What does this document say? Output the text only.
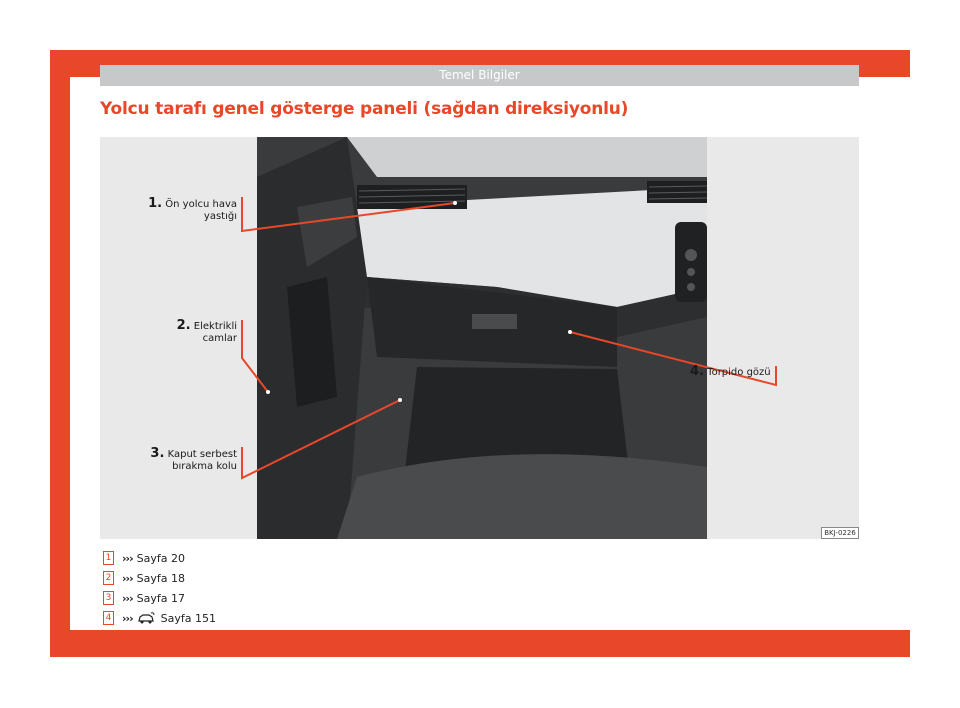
Temel Bilgiler
Yolcu tarafı genel gösterge paneli (sağdan direksiyonlu)
1. Ön yolcu hava
yastığı
2. Elektrikli
camlar
3. Kaput serbest
bırakma kolu
4. Torpido gözü
BKJ-0226
1 ››› Sayfa 20
2 ››› Sayfa 18
3 ››› Sayfa 17
4 ›››	Sayfa 151
12
